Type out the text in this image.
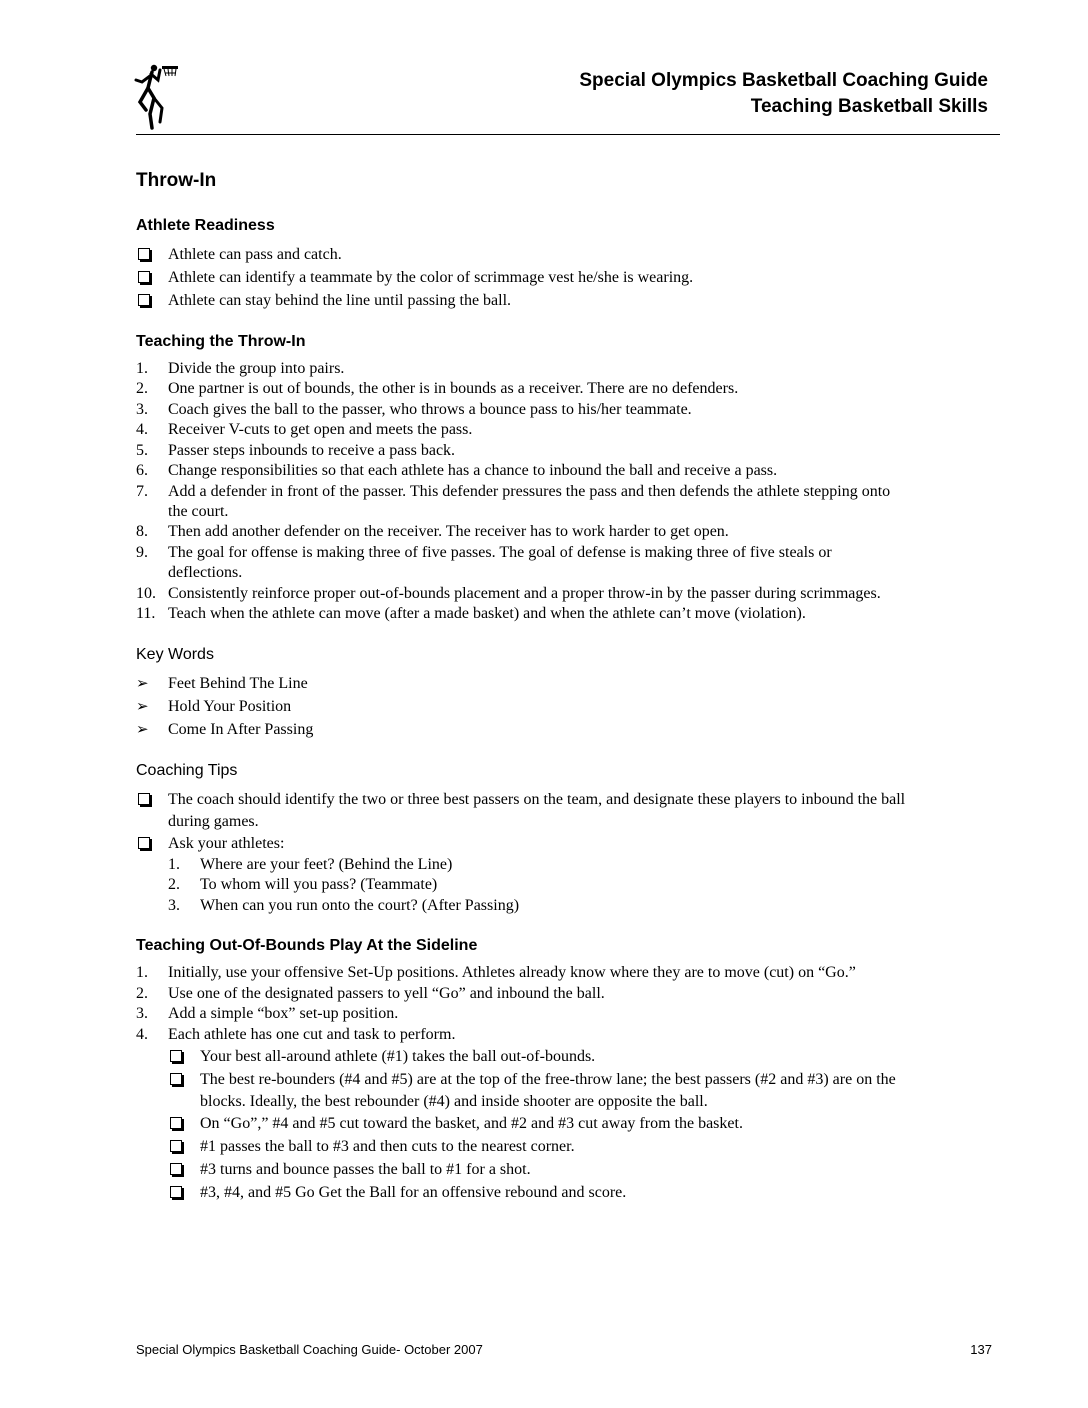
Special Olympics Basketball Coaching Guide
Teaching Basketball Skills
Throw-In
Athlete Readiness
Athlete can pass and catch.
Athlete can identify a teammate by the color of scrimmage vest he/she is wearing.
Athlete can stay behind the line until passing the ball.
Teaching the Throw-In
1. Divide the group into pairs.
2. One partner is out of bounds, the other is in bounds as a receiver. There are no defenders.
3. Coach gives the ball to the passer, who throws a bounce pass to his/her teammate.
4. Receiver V-cuts to get open and meets the pass.
5. Passer steps inbounds to receive a pass back.
6. Change responsibilities so that each athlete has a chance to inbound the ball and receive a pass.
7. Add a defender in front of the passer. This defender pressures the pass and then defends the athlete stepping onto
the court.
8. Then add another defender on the receiver. The receiver has to work harder to get open.
9. The goal for offense is making three of five passes. The goal of defense is making three of five steals or
deflections.
10. Consistently reinforce proper out-of-bounds placement and a proper throw-in by the passer during scrimmages.
11. Teach when the athlete can move (after a made basket) and when the athlete can’t move (violation).
Key Words
➢ Feet Behind The Line
➢ Hold Your Position
➢ Come In After Passing
Coaching Tips
The coach should identify the two or three best passers on the team, and designate these players to inbound the ball
during games.
Ask your athletes:
1. Where are your feet? (Behind the Line)
2. To whom will you pass? (Teammate)
3. When can you run onto the court? (After Passing)
Teaching Out-Of-Bounds Play At the Sideline
1. Initially, use your offensive Set-Up positions. Athletes already know where they are to move (cut) on “Go.”
2. Use one of the designated passers to yell “Go” and inbound the ball.
3. Add a simple “box” set-up position.
4. Each athlete has one cut and task to perform.
Your best all-around athlete (#1) takes the ball out-of-bounds.
The best re-bounders (#4 and #5) are at the top of the free-throw lane; the best passers (#2 and #3) are on the
blocks. Ideally, the best rebounder (#4) and inside shooter are opposite the ball.
On “Go”,” #4 and #5 cut toward the basket, and #2 and #3 cut away from the basket.
#1 passes the ball to #3 and then cuts to the nearest corner.
#3 turns and bounce passes the ball to #1 for a shot.
#3, #4, and #5 Go Get the Ball for an offensive rebound and score.
Special Olympics Basketball Coaching Guide- October 2007	137
